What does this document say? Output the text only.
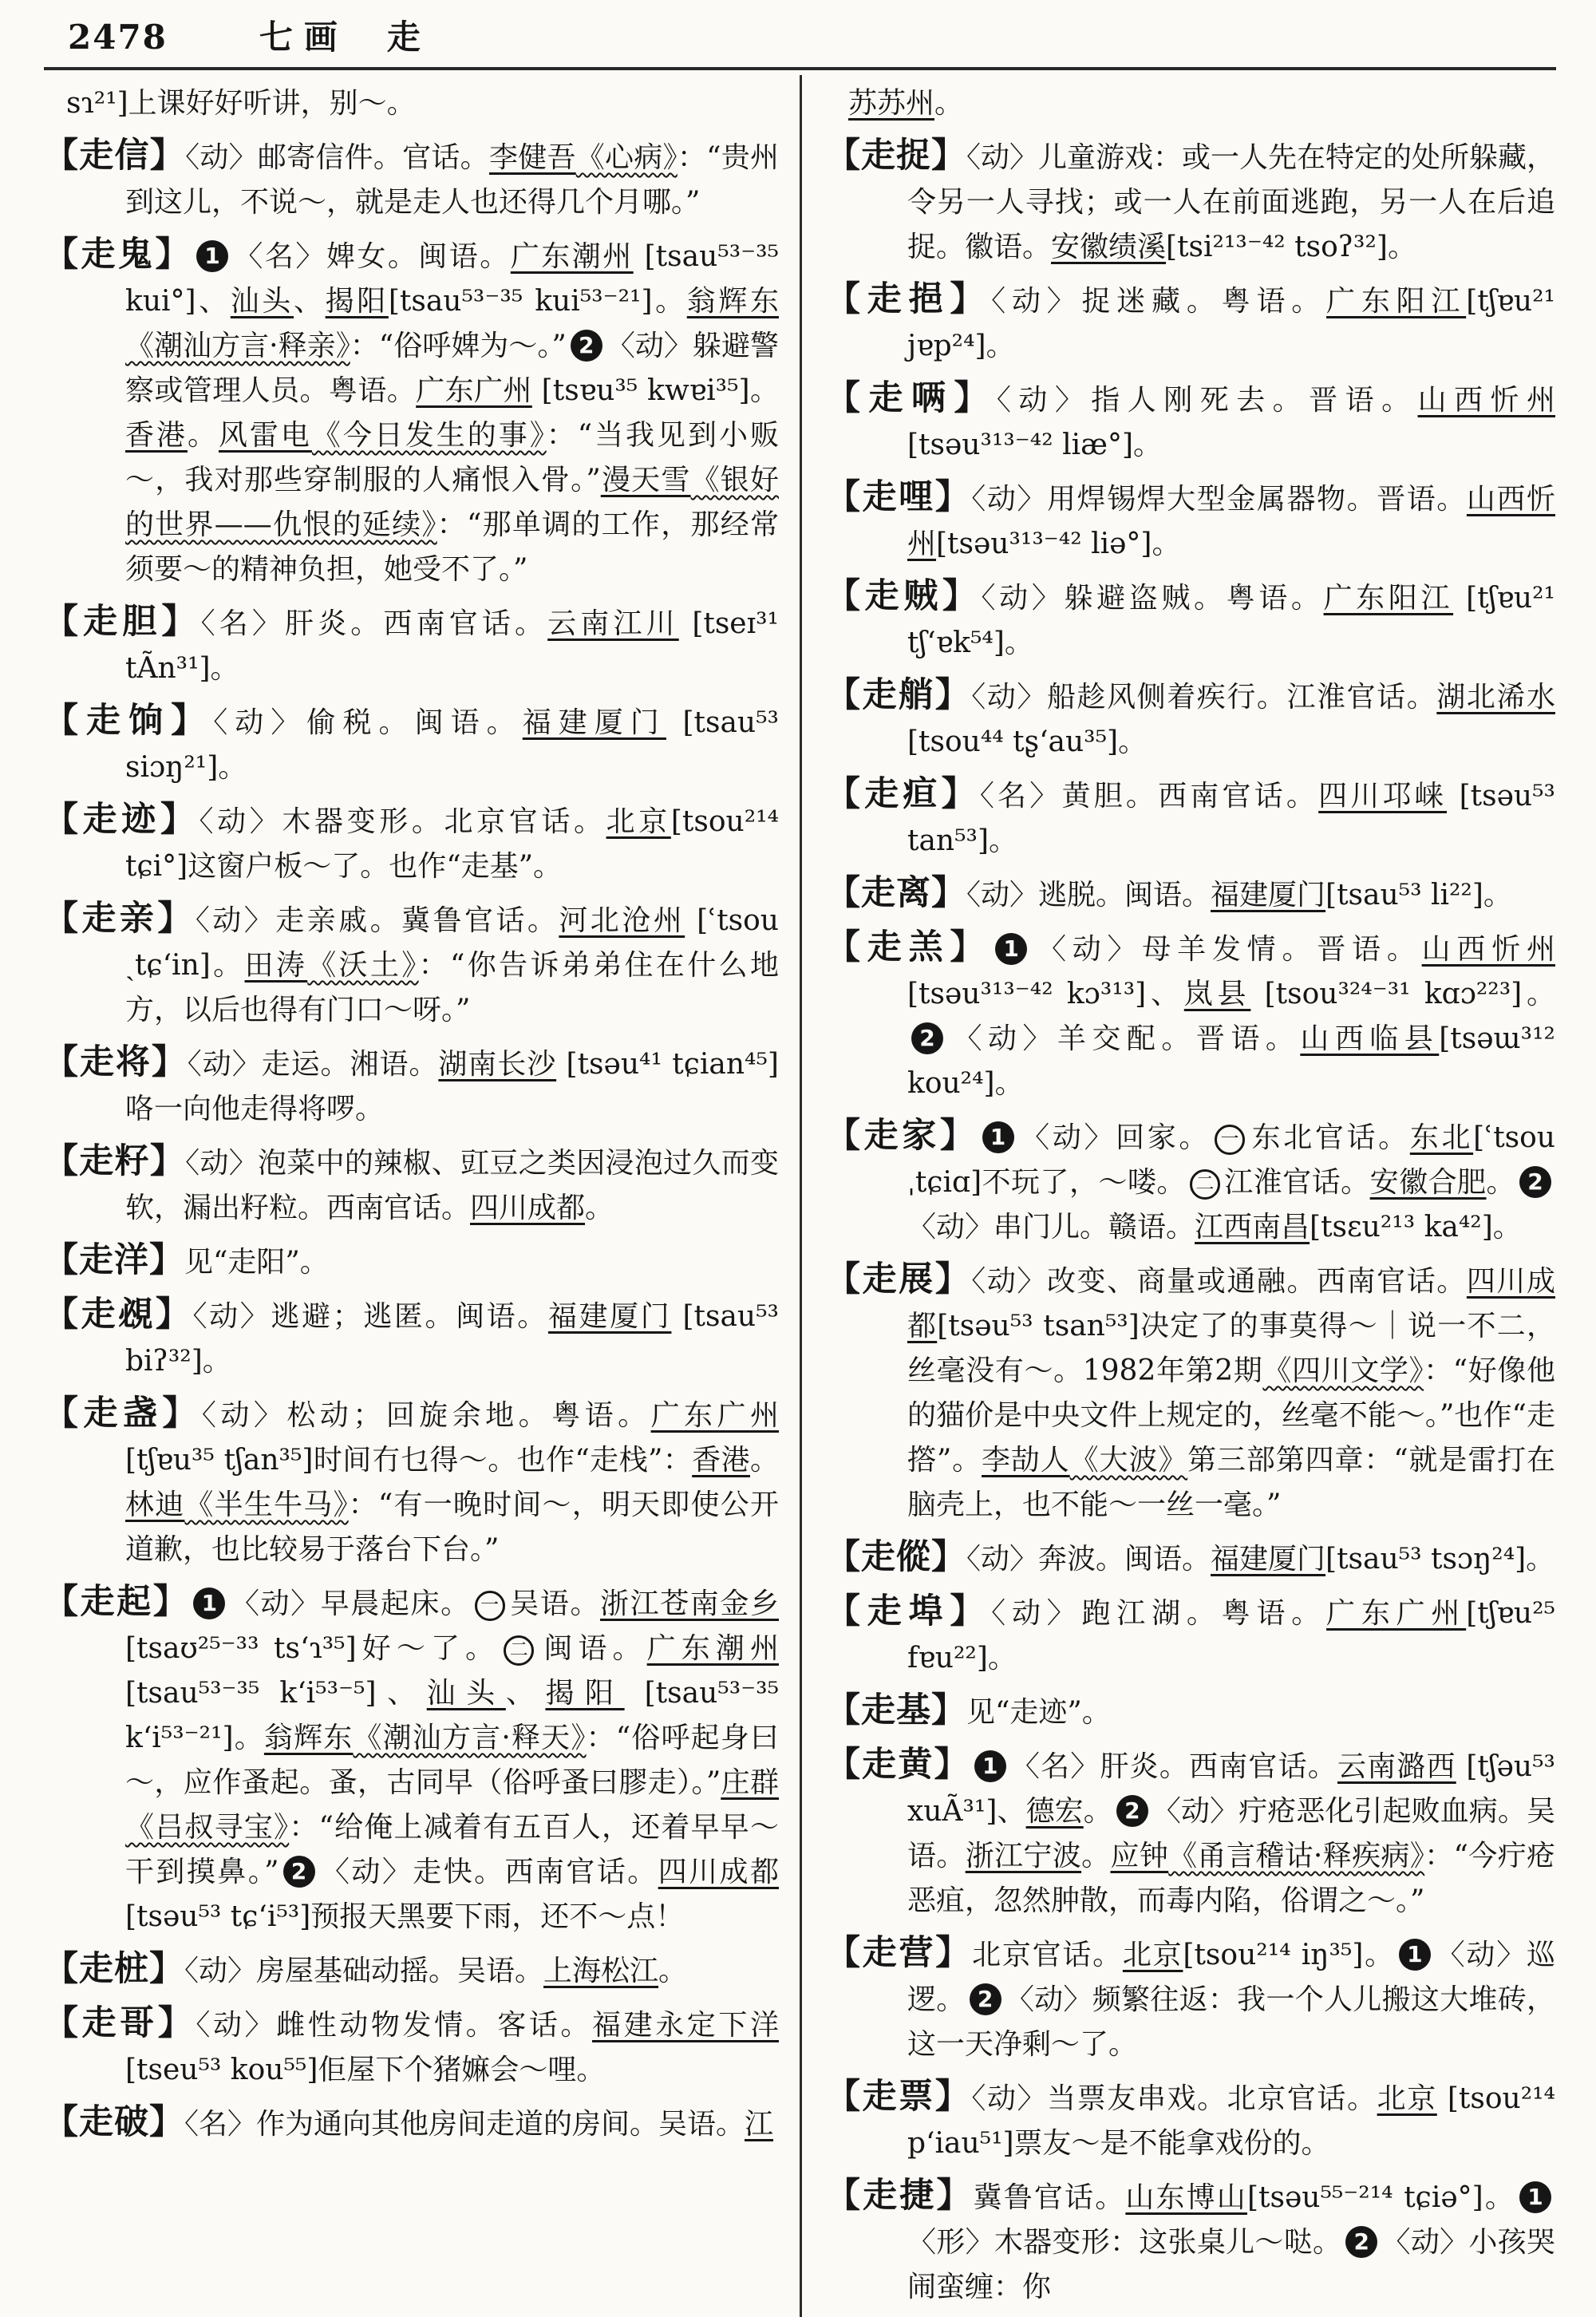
2478	七画 走

sɿ²¹]上课好好听讲，别～。

【走信】〈动〉邮寄信件。官话。李健吾《心病》：“贵州到这儿，不说～，就是走人也还得几个月哪。”

【走鬼】 1 〈名〉婢女。闽语。广东潮州 [tsau⁵³⁻³⁵ kui°]、汕头、揭阳[tsau⁵³⁻³⁵ kui⁵³⁻²¹]。翁辉东《潮汕方言·释亲》：“俗呼婢为～。” 2 〈动〉躲避警察或管理人员。粤语。广东广州 [tsɐu³⁵ kwɐi³⁵]。香港。风雷电《今日发生的事》：“当我见到小贩～，我对那些穿制服的人痛恨入骨。”漫天雪《银好的世界——仇恨的延续》：“那单调的工作，那经常须要～的精神负担，她受不了。”

【走胆】〈名〉肝炎。西南官话。云南江川 [tseɪ³¹ tÃn³¹]。

【走饷】〈动〉偷税。闽语。福建厦门 [tsau⁵³ siɔŋ²¹]。

【走迹】〈动〉木器变形。北京官话。北京[tsou²¹⁴ tɕi°]这窗户板～了。也作“走基”。

【走亲】〈动〉走亲戚。冀鲁官话。河北沧州 [ʿtsou ˎtɕʻin]。田涛《沃土》：“你告诉弟弟住在什么地方，以后也得有门口～呀。”

【走将】〈动〉走运。湘语。湖南长沙 [tsəu⁴¹ tɕian⁴⁵]咯一向他走得将啰。

【走籽】〈动〉泡菜中的辣椒、豇豆之类因浸泡过久而变软，漏出籽粒。西南官话。四川成都。

【走洋】见“走阳”。

【走覕】〈动〉逃避；逃匿。闽语。福建厦门 [tsau⁵³ biʔ³²]。

【走盏】〈动〉松动；回旋余地。粤语。广东广州 [tʃɐu³⁵ tʃan³⁵]时间冇乜得～。也作“走栈”：香港。林迪《半生牛马》：“有一晚时间～，明天即使公开道歉，也比较易于落台下台。”

【走起】 1 〈动〉早晨起床。 一 吴语。浙江苍南金乡 [tsaʊ²⁵⁻³³ tsʻɿ³⁵]好～了。 二 闽语。广东潮州[tsau⁵³⁻³⁵ kʻi⁵³⁻⁵]、汕头、揭阳 [tsau⁵³⁻³⁵ kʻi⁵³⁻²¹]。翁辉东《潮汕方言·释天》：“俗呼起身曰～，应作蚤起。蚤，古同早（俗呼蚤曰膠走）。”庄群《吕叔寻宝》：“给俺上减着有五百人，还着早早～干到摸鼻。” 2 〈动〉走快。西南官话。四川成都[tsəu⁵³ tɕʻi⁵³]预报天黑要下雨，还不～点！

【走桩】〈动〉房屋基础动摇。吴语。上海松江。

【走哥】〈动〉雌性动物发情。客话。福建永定下洋[tseu⁵³ kou⁵⁵]佢屋下个猪嫲会～哩。

【走破】〈名〉作为通向其他房间走道的房间。吴语。江

苏苏州。

【走捉】〈动〉儿童游戏：或一人先在特定的处所躲藏，令另一人寻找；或一人在前面逃跑，另一人在后追捉。徽语。安徽绩溪[tsi²¹³⁻⁴² tsoʔ³²]。

【走挹】〈动〉捉迷藏。粤语。广东阳江[tʃɐu²¹ jɐp²⁴]。

【走唡】〈动〉指人刚死去。晋语。山西忻州 [tsəu³¹³⁻⁴² liæ°]。

【走哩】〈动〉用焊锡焊大型金属器物。晋语。山西忻州[tsəu³¹³⁻⁴² liə°]。

【走贼】〈动〉躲避盗贼。粤语。广东阳江 [tʃɐu²¹ tʃʻɐk⁵⁴]。

【走艄】〈动〉船趁风侧着疾行。江淮官话。湖北浠水 [tsou⁴⁴ tʂʻau³⁵]。

【走疸】〈名〉黄胆。西南官话。四川邛崃 [tsəu⁵³ tan⁵³]。

【走离】〈动〉逃脱。闽语。福建厦门[tsau⁵³ li²²]。

【走羔】 1 〈动〉母羊发情。晋语。山西忻州 [tsəu³¹³⁻⁴² kɔ³¹³]、岚县 [tsou³²⁴⁻³¹ kɑɔ²²³]。2 〈动〉羊交配。晋语。山西临县[tsəɯ³¹² kou²⁴]。

【走家】 1 〈动〉回家。 一 东北官话。东北[ʿtsou ˌtɕiɑ]不玩了，～喽。 二 江淮官话。安徽合肥。 2〈动〉串门儿。赣语。江西南昌[tsɛu²¹³ ka⁴²]。

【走展】〈动〉改变、商量或通融。西南官话。四川成都[tsəu⁵³ tsan⁵³]决定了的事莫得～｜说一不二，丝毫没有～。1982年第2期《四川文学》：“好像他的猫价是中央文件上规定的，丝毫不能～。”也作“走撘”。李劼人《大波》第三部第四章：“就是雷打在脑壳上，也不能～一丝一毫。”

【走傱】〈动〉奔波。闽语。福建厦门[tsau⁵³ tsɔŋ²⁴]。

【走埠】〈动〉跑江湖。粤语。广东广州[tʃɐu²⁵ fɐu²²]。

【走基】见“走迹”。

【走黄】 1 〈名〉肝炎。西南官话。云南潞西 [tʃəu⁵³ xuÃ³¹]、德宏。 2 〈动〉疔疮恶化引起败血病。吴语。浙江宁波。应钟《甬言稽诂·释疾病》：“今疔疮恶疽，忽然肿散，而毒内陷，俗谓之～。”

【走营】北京官话。北京[tsou²¹⁴ iŋ³⁵]。 1 〈动〉巡逻。 2 〈动〉频繁往返：我一个人儿搬这大堆砖，这一天净剩～了。

【走票】〈动〉当票友串戏。北京官话。北京 [tsou²¹⁴ pʻiau⁵¹]票友～是不能拿戏份的。

【走捷】冀鲁官话。山东博山[tsəu⁵⁵⁻²¹⁴ tɕiə°]。 1〈形〉木器变形：这张桌儿～哒。 2 〈动〉小孩哭闹蛮缠：你
